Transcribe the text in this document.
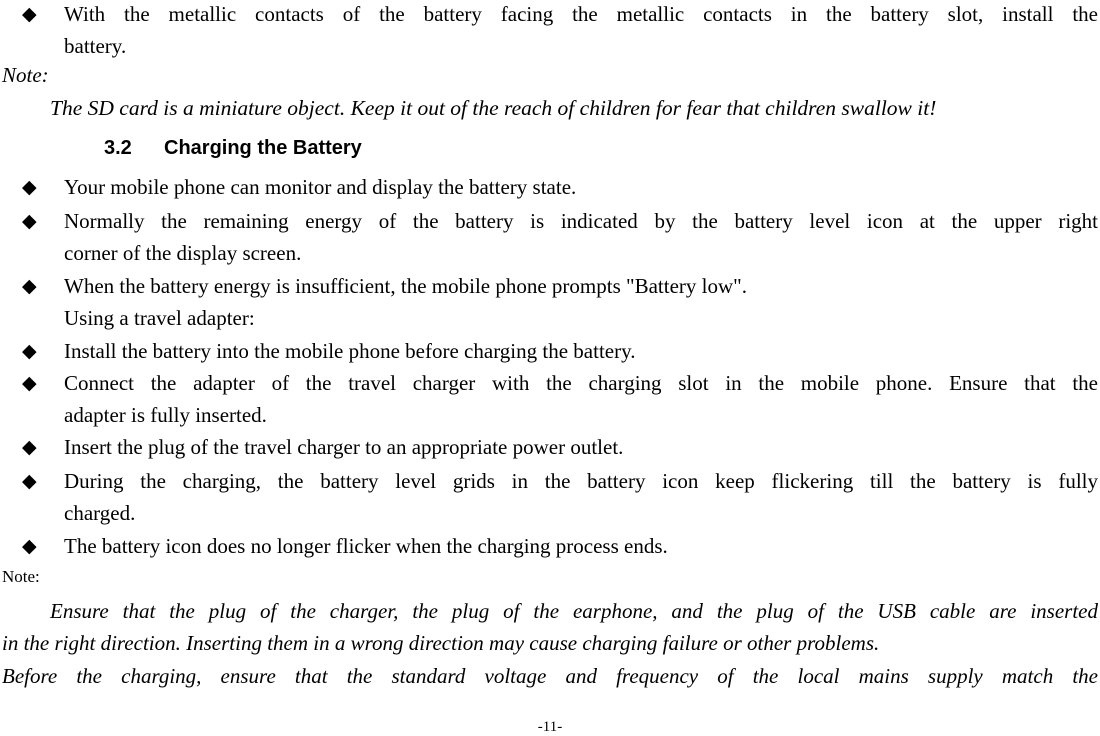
◆ With the metallic contacts of the battery facing the metallic contacts in the battery slot, install the
battery.
Note:
The SD card is a miniature object. Keep it out of the reach of children for fear that children swallow it!
3.2 Charging the Battery
◆ Your mobile phone can monitor and display the battery state.
◆ Normally the remaining energy of the battery is indicated by the battery level icon at the upper right
corner of the display screen.
◆ When the battery energy is insufficient, the mobile phone prompts "Battery low".
Using a travel adapter:
◆ Install the battery into the mobile phone before charging the battery.
◆ Connect the adapter of the travel charger with the charging slot in the mobile phone. Ensure that the
adapter is fully inserted.
◆ Insert the plug of the travel charger to an appropriate power outlet.
◆ During the charging, the battery level grids in the battery icon keep flickering till the battery is fully
charged.
◆ The battery icon does no longer flicker when the charging process ends.
Note:
Ensure that the plug of the charger, the plug of the earphone, and the plug of the USB cable are inserted
in the right direction. Inserting them in a wrong direction may cause charging failure or other problems.
Before the charging, ensure that the standard voltage and frequency of the local mains supply match the
-11-
